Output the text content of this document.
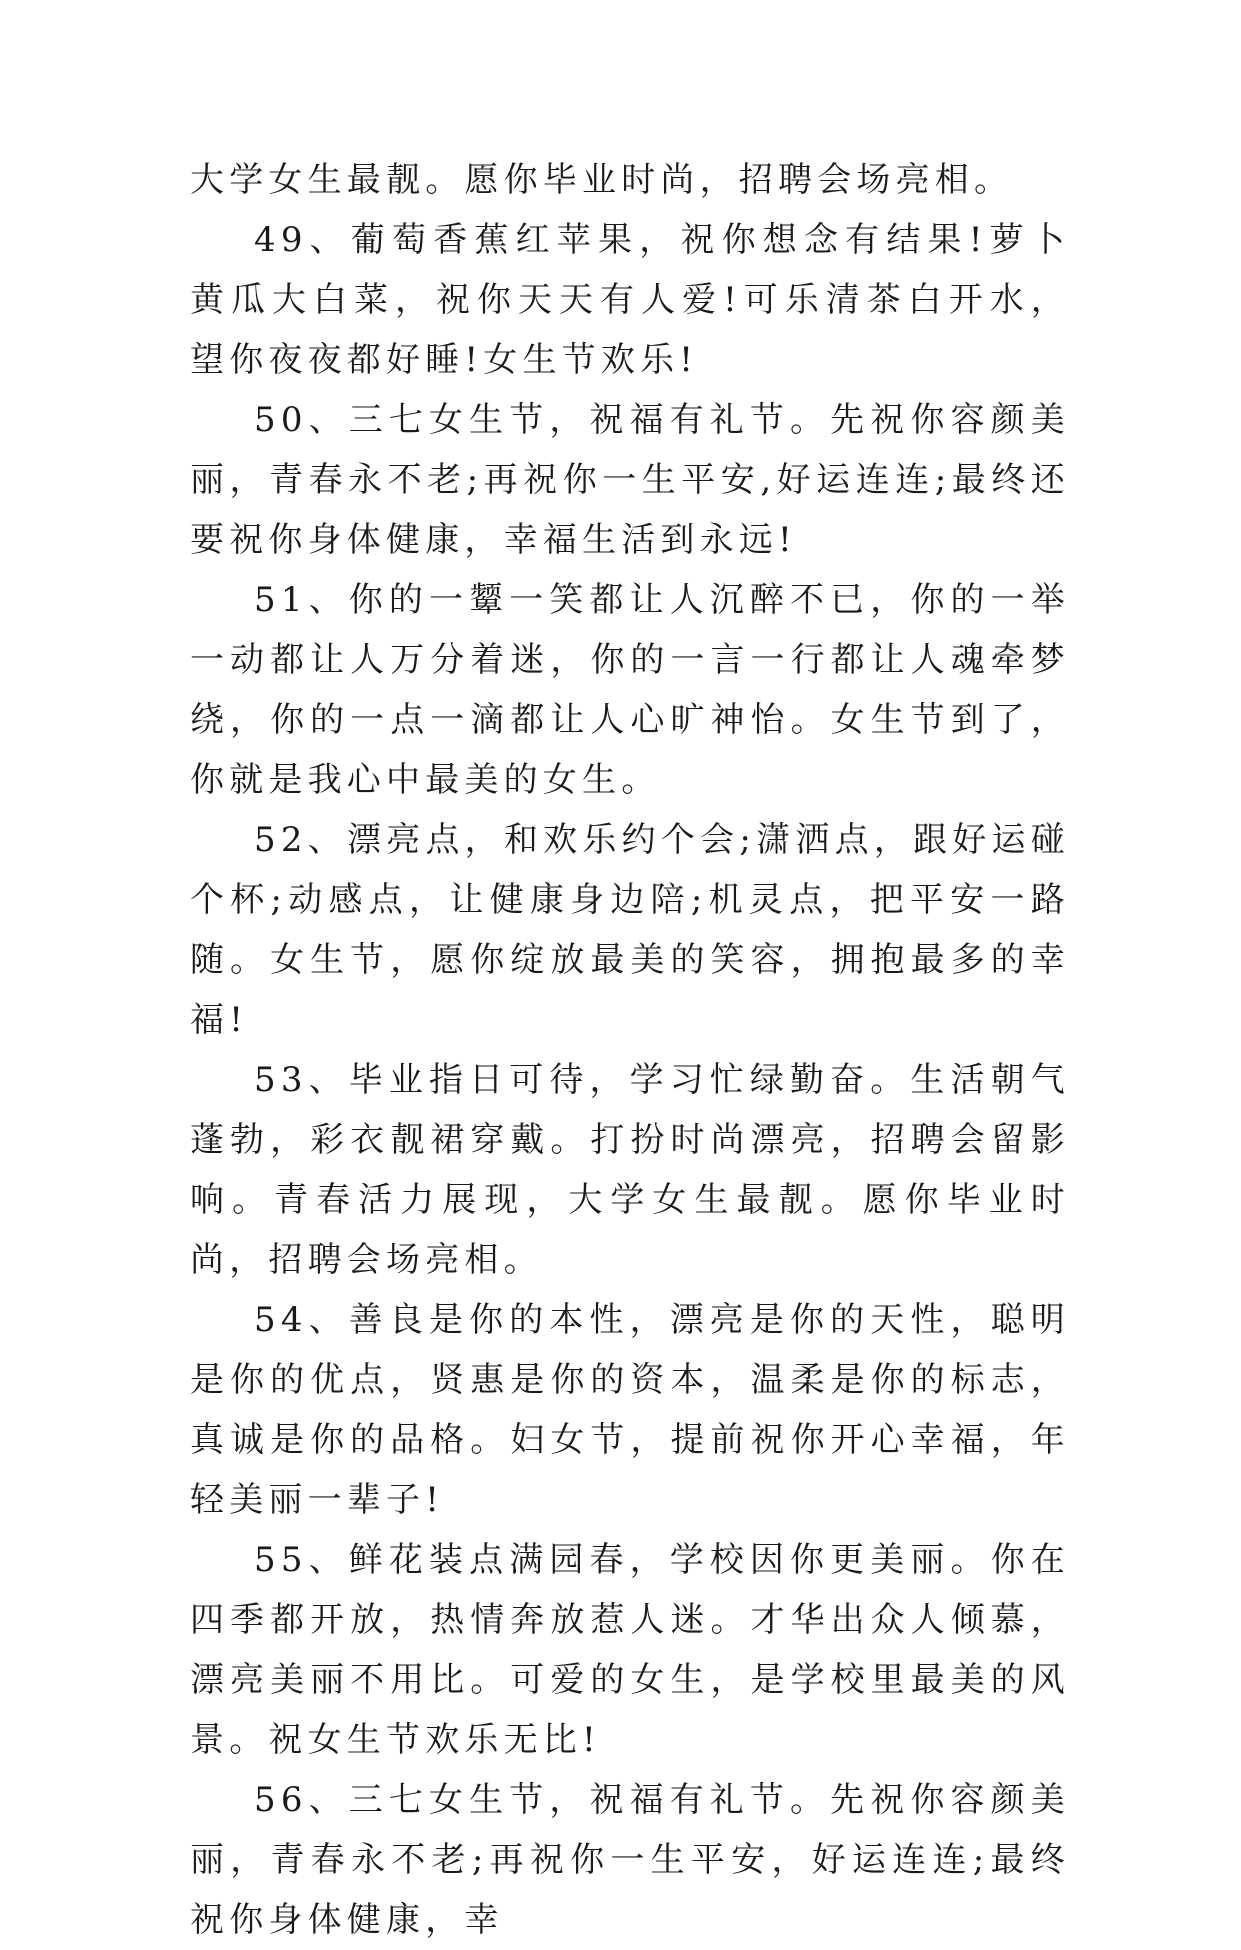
大学女生最靓。愿你毕业时尚，招聘会场亮相。

49、葡萄香蕉红苹果，祝你想念有结果!萝卜黄瓜大白菜，祝你天天有人爱!可乐清茶白开水，望你夜夜都好睡!女生节欢乐!

50、三七女生节，祝福有礼节。先祝你容颜美丽，青春永不老;再祝你一生平安,好运连连;最终还要祝你身体健康，幸福生活到永远!

51、你的一颦一笑都让人沉醉不已，你的一举一动都让人万分着迷，你的一言一行都让人魂牵梦绕，你的一点一滴都让人心旷神怡。女生节到了，你就是我心中最美的女生。

52、漂亮点，和欢乐约个会;潇洒点，跟好运碰个杯;动感点，让健康身边陪;机灵点，把平安一路随。女生节，愿你绽放最美的笑容，拥抱最多的幸福!

53、毕业指日可待，学习忙绿勤奋。生活朝气蓬勃，彩衣靓裙穿戴。打扮时尚漂亮，招聘会留影响。青春活力展现，大学女生最靓。愿你毕业时尚，招聘会场亮相。

54、善良是你的本性，漂亮是你的天性，聪明是你的优点，贤惠是你的资本，温柔是你的标志，真诚是你的品格。妇女节，提前祝你开心幸福，年轻美丽一辈子!

55、鲜花装点满园春，学校因你更美丽。你在四季都开放，热情奔放惹人迷。才华出众人倾慕，漂亮美丽不用比。可爱的女生，是学校里最美的风景。祝女生节欢乐无比!

56、三七女生节，祝福有礼节。先祝你容颜美丽，青春永不老;再祝你一生平安，好运连连;最终祝你身体健康，幸
